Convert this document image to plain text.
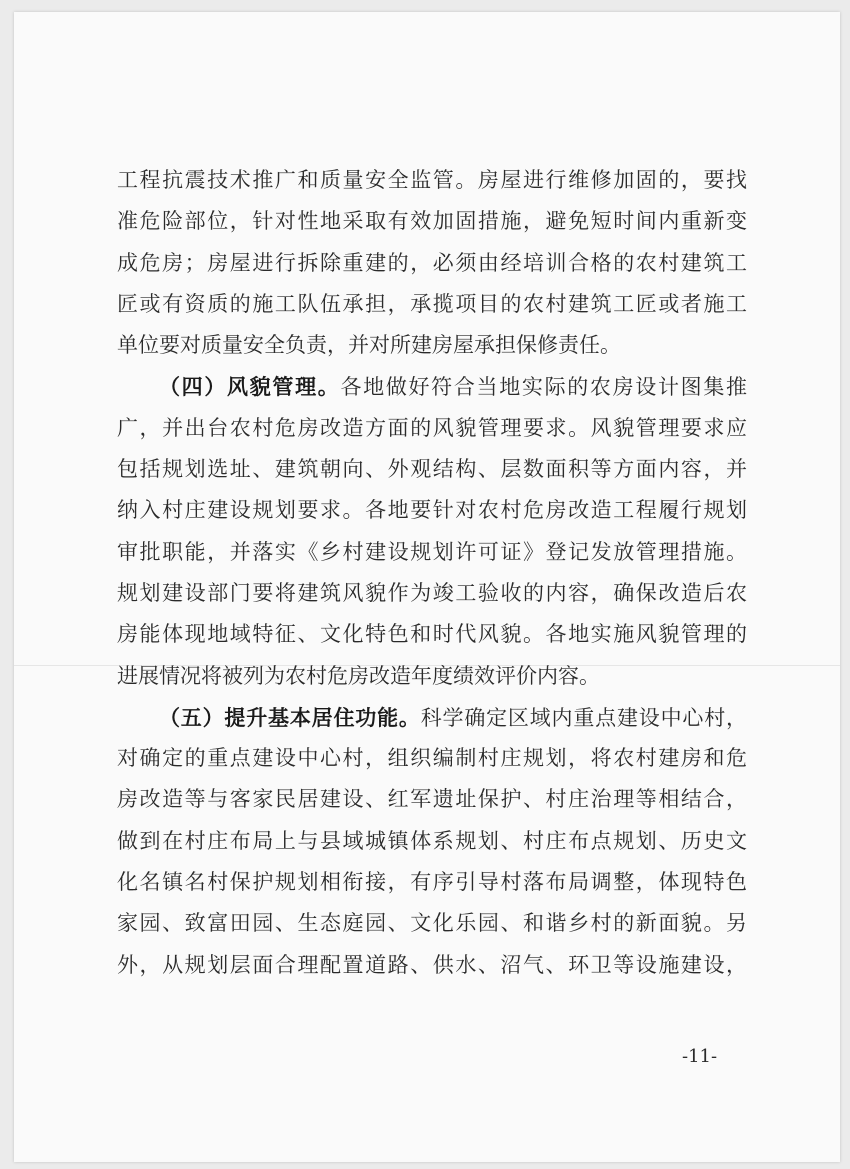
工程抗震技术推广和质量安全监管。房屋进行维修加固的，要找
准危险部位，针对性地采取有效加固措施，避免短时间内重新变
成危房；房屋进行拆除重建的，必须由经培训合格的农村建筑工
匠或有资质的施工队伍承担，承揽项目的农村建筑工匠或者施工
单位要对质量安全负责，并对所建房屋承担保修责任。
（四）风貌管理。各地做好符合当地实际的农房设计图集推
广，并出台农村危房改造方面的风貌管理要求。风貌管理要求应
包括规划选址、建筑朝向、外观结构、层数面积等方面内容，并
纳入村庄建设规划要求。各地要针对农村危房改造工程履行规划
审批职能，并落实《乡村建设规划许可证》登记发放管理措施。
规划建设部门要将建筑风貌作为竣工验收的内容，确保改造后农
房能体现地域特征、文化特色和时代风貌。各地实施风貌管理的
进展情况将被列为农村危房改造年度绩效评价内容。
（五）提升基本居住功能。科学确定区域内重点建设中心村，
对确定的重点建设中心村，组织编制村庄规划，将农村建房和危
房改造等与客家民居建设、红军遗址保护、村庄治理等相结合，
做到在村庄布局上与县域城镇体系规划、村庄布点规划、历史文
化名镇名村保护规划相衔接，有序引导村落布局调整，体现特色
家园、致富田园、生态庭园、文化乐园、和谐乡村的新面貌。另
外，从规划层面合理配置道路、供水、沼气、环卫等设施建设，
-11-
